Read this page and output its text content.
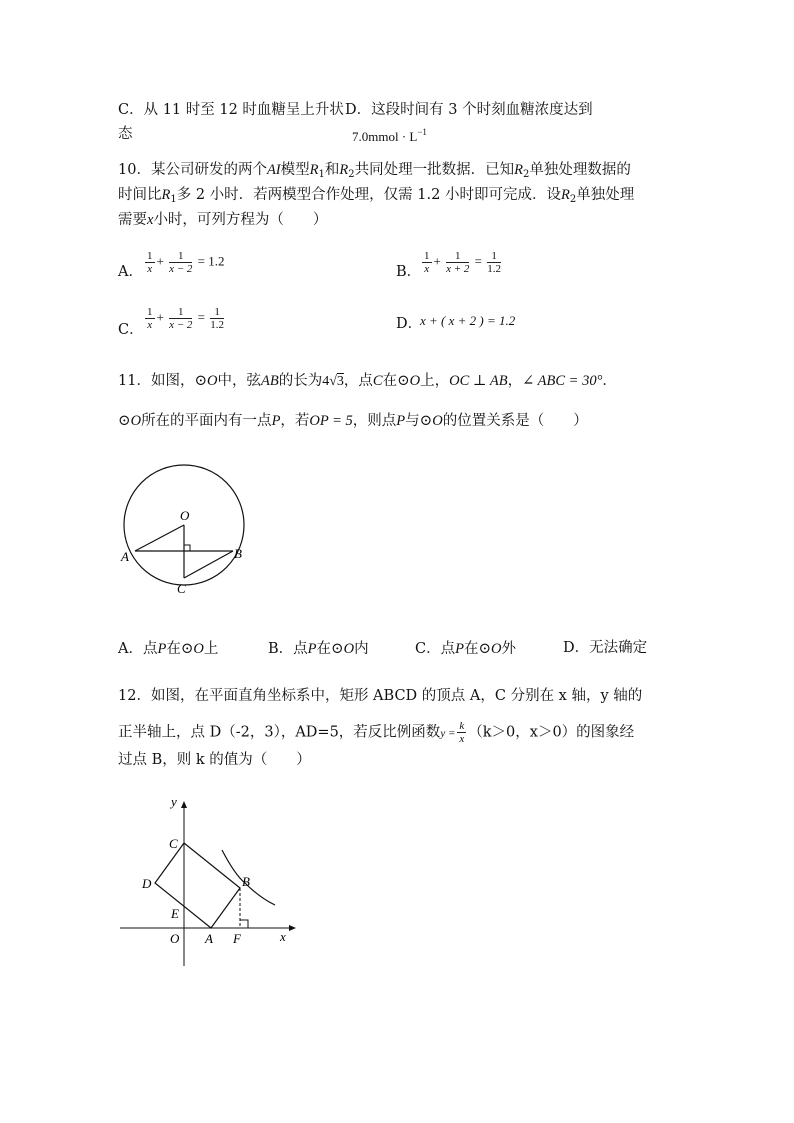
C．从 11 时至 12 时血糖呈上升状
态
D．这段时间有 3 个时刻血糖浓度达到
7.0mmol · $L^{-1}$
10．某公司研发的两个AI模型$R_1$和$R_2$共同处理一批数据．已知$R_2$单独处理数据的
时间比$R_1$多 2 小时．若两模型合作处理，仅需 1.2 小时即可完成．设$R_2$单独处理
需要x小时，可列方程为（　　）
A． $\frac{1}{x} + \frac{1}{x - 2} = 1.2$
B． $\frac{1}{x} + \frac{1}{x + 2} = \frac{1}{1.2}$
C． $\frac{1}{x} + \frac{1}{x - 2} = \frac{1}{1.2}$	D．
x + ( x + 2 ) = 1.2
11．如图，⊙O中，弦AB的长为4√3，点C在⊙O上，OC ⊥ AB，∠ ABC = 30°．
⊙O所在的平面内有一点P，若OP = 5，则点P与⊙O的位置关系是（　　）
O
A	B
C
A．点P在⊙O上	B．点P在⊙O内	C．点P在⊙O外	D．无法确定
12．如图，在平面直角坐标系中，矩形 ABCD 的顶点 A，C 分别在 x 轴，y 轴的
正半轴上，点 D（-2，3），AD=5，若反比例函数$y = \frac{k}{x} (k>0$，x＞0）的图象经
过点 B，则 k 的值为（　　）
y
x
C
D	B
E
O A F
